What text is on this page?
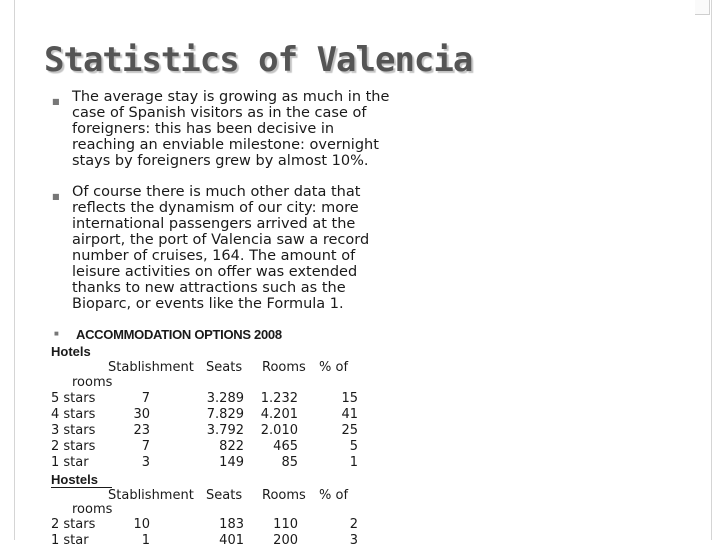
Statistics of Valencia

■ The average stay is growing as much in the case of Spanish visitors as in the case of foreigners: this has been decisive in reaching an enviable milestone: overnight stays by foreigners grew by almost 10%.

■ Of course there is much other data that reflects the dynamism of our city: more international passengers arrived at the airport, the port of Valencia saw a record number of cruises, 164. The amount of leisure activities on offer was extended thanks to new attractions such as the Bioparc, or events like the Formula 1.

■ ACCOMMODATION OPTIONS 2008

Hotels

Stablishment Seats Rooms % of
rooms
5 stars	7	3.289	1.232	15
4 stars	30	7.829	4.201	41
3 stars	23	3.792	2.010	25
2 stars	7	822	465	5
1 star	3	149	85	1

Hostels

Stablishment Seats Rooms % of
rooms
2 stars	10	183	110	2
1 star	1	401	200	3
